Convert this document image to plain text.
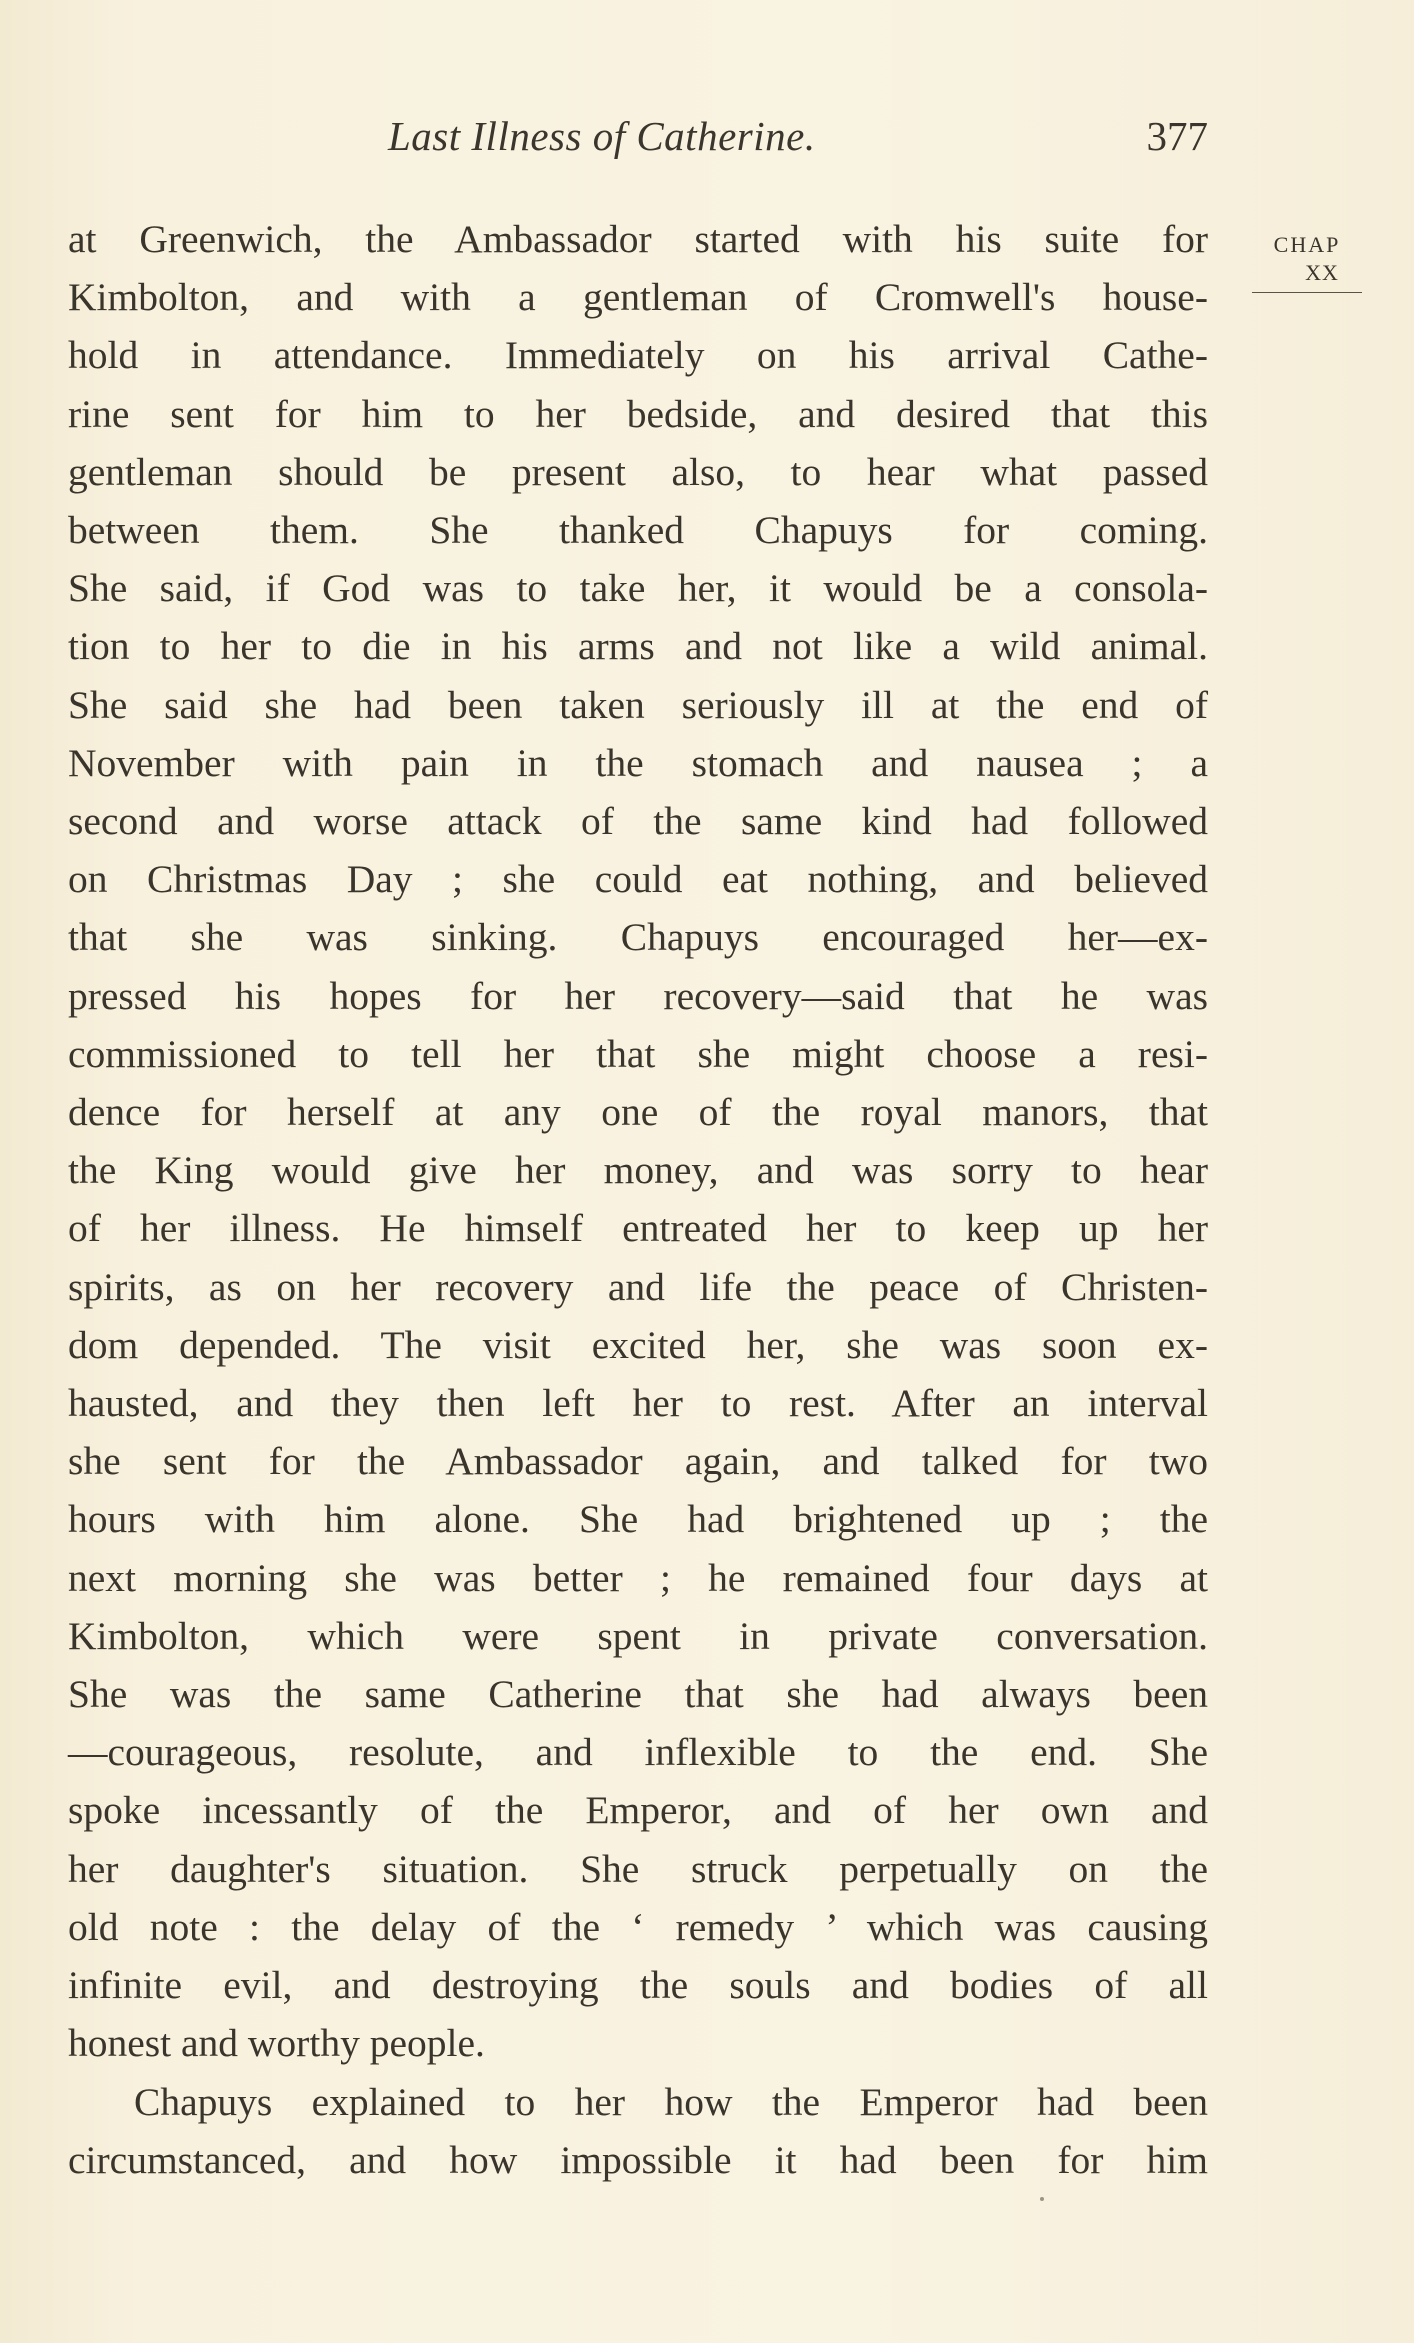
Last Illness of Catherine.	377
CHAP
XX
at Greenwich, the Ambassador started with his suite for
Kimbolton, and with a gentleman of Cromwell's house-
hold in attendance. Immediately on his arrival Cathe-
rine sent for him to her bedside, and desired that this
gentleman should be present also, to hear what passed
between them. She thanked Chapuys for coming.
She said, if God was to take her, it would be a consola-
tion to her to die in his arms and not like a wild animal.
She said she had been taken seriously ill at the end of
November with pain in the stomach and nausea ; a
second and worse attack of the same kind had followed
on Christmas Day ; she could eat nothing, and believed
that she was sinking. Chapuys encouraged her—ex-
pressed his hopes for her recovery—said that he was
commissioned to tell her that she might choose a resi-
dence for herself at any one of the royal manors, that
the King would give her money, and was sorry to hear
of her illness. He himself entreated her to keep up her
spirits, as on her recovery and life the peace of Christen-
dom depended. The visit excited her, she was soon ex-
hausted, and they then left her to rest. After an interval
she sent for the Ambassador again, and talked for two
hours with him alone. She had brightened up ; the
next morning she was better ; he remained four days at
Kimbolton, which were spent in private conversation.
She was the same Catherine that she had always been
—courageous, resolute, and inflexible to the end. She
spoke incessantly of the Emperor, and of her own and
her daughter's situation. She struck perpetually on the
old note : the delay of the ‘ remedy ’ which was causing
infinite evil, and destroying the souls and bodies of all
honest and worthy people.
Chapuys explained to her how the Emperor had been
circumstanced, and how impossible it had been for him
